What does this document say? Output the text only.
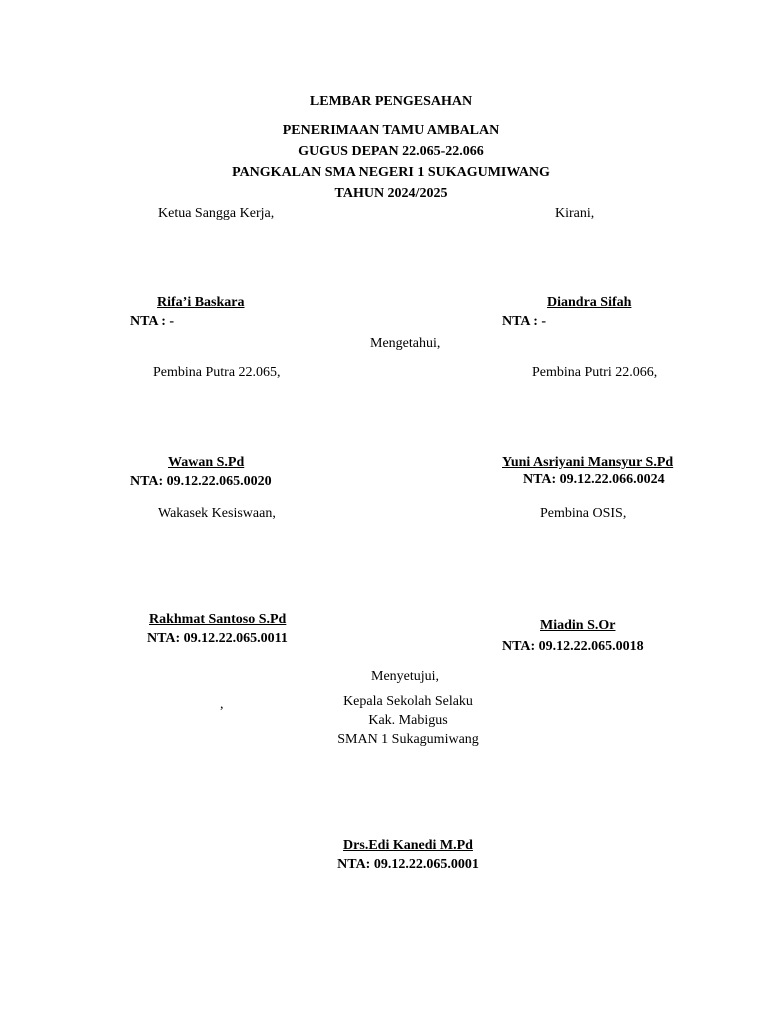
LEMBAR PENGESAHAN
PENERIMAAN TAMU AMBALAN
GUGUS DEPAN 22.065-22.066
PANGKALAN SMA NEGERI 1 SUKAGUMIWANG
TAHUN 2024/2025
Ketua Sangga Kerja,	Kirani,
Rifa’i Baskara
NTA : -
Diandra Sifah
NTA : -
Mengetahui,
Pembina Putra 22.065,	Pembina Putri 22.066,
Wawan S.Pd
NTA: 09.12.22.065.0020
Yuni Asriyani Mansyur S.Pd
NTA: 09.12.22.066.0024
Wakasek Kesiswaan,	Pembina OSIS,
Rakhmat Santoso S.Pd
NTA: 09.12.22.065.0011
Miadin S.Or
NTA: 09.12.22.065.0018
Menyetujui,
,	Kepala Sekolah Selaku
Kak. Mabigus
SMAN 1 Sukagumiwang
Drs.Edi Kanedi M.Pd
NTA: 09.12.22.065.0001
